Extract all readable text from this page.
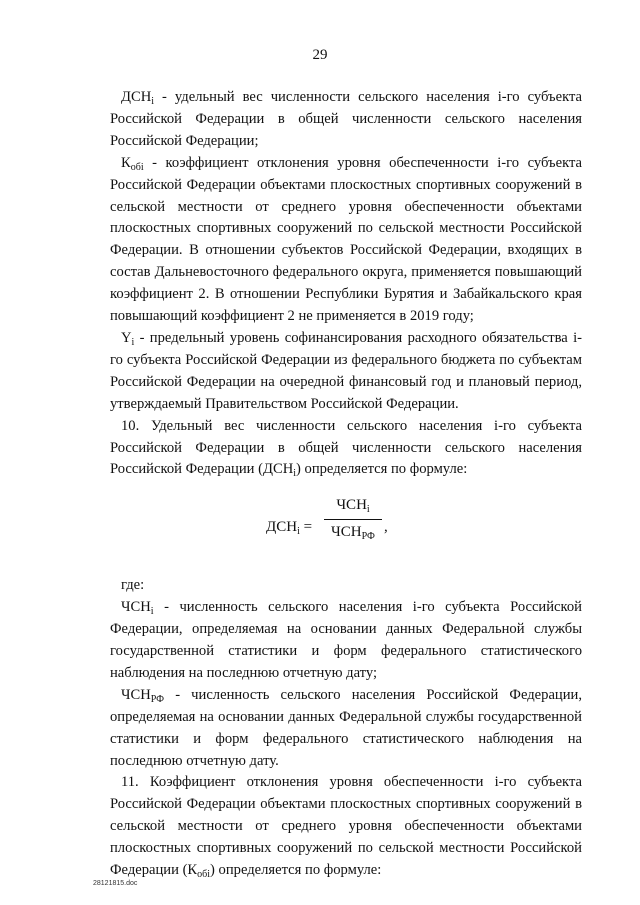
29

$ДСН_i$ - удельный вес численности сельского населения i-го субъекта Российской Федерации в общей численности сельского населения Российской Федерации;

$К_{обi}$ - коэффициент отклонения уровня обеспеченности i-го субъекта Российской Федерации объектами плоскостных спортивных сооружений в сельской местности от среднего уровня обеспеченности объектами плоскостных спортивных сооружений по сельской местности Российской Федерации. В отношении субъектов Российской Федерации, входящих в состав Дальневосточного федерального округа, применяется повышающий коэффициент 2. В отношении Республики Бурятия и Забайкальского края повышающий коэффициент 2 не применяется в 2019 году;

$Y_i$ - предельный уровень софинансирования расходного обязательства i-го субъекта Российской Федерации из федерального бюджета по субъектам Российской Федерации на очередной финансовый год и плановый период, утверждаемый Правительством Российской Федерации.

10. Удельный вес численности сельского населения i-го субъекта Российской Федерации в общей численности сельского населения Российской Федерации $(ДСН_i)$ определяется по формуле:

$ДСН_i$ =
$ЧСН_i$
$ЧСН_{РФ}$
,

где:

$ЧСН_i$ - численность сельского населения i-го субъекта Российской Федерации, определяемая на основании данных Федеральной службы государственной статистики и форм федерального статистического наблюдения на последнюю отчетную дату;

$ЧСН_{РФ}$ - численность сельского населения Российской Федерации, определяемая на основании данных Федеральной службы государственной статистики и форм федерального статистического наблюдения на последнюю отчетную дату.

11. Коэффициент отклонения уровня обеспеченности i-го субъекта Российской Федерации объектами плоскостных спортивных сооружений в сельской местности от среднего уровня обеспеченности объектами плоскостных спортивных сооружений по сельской местности Российской Федерации $(К_{обi})$ определяется по формуле:

28121815.doc
